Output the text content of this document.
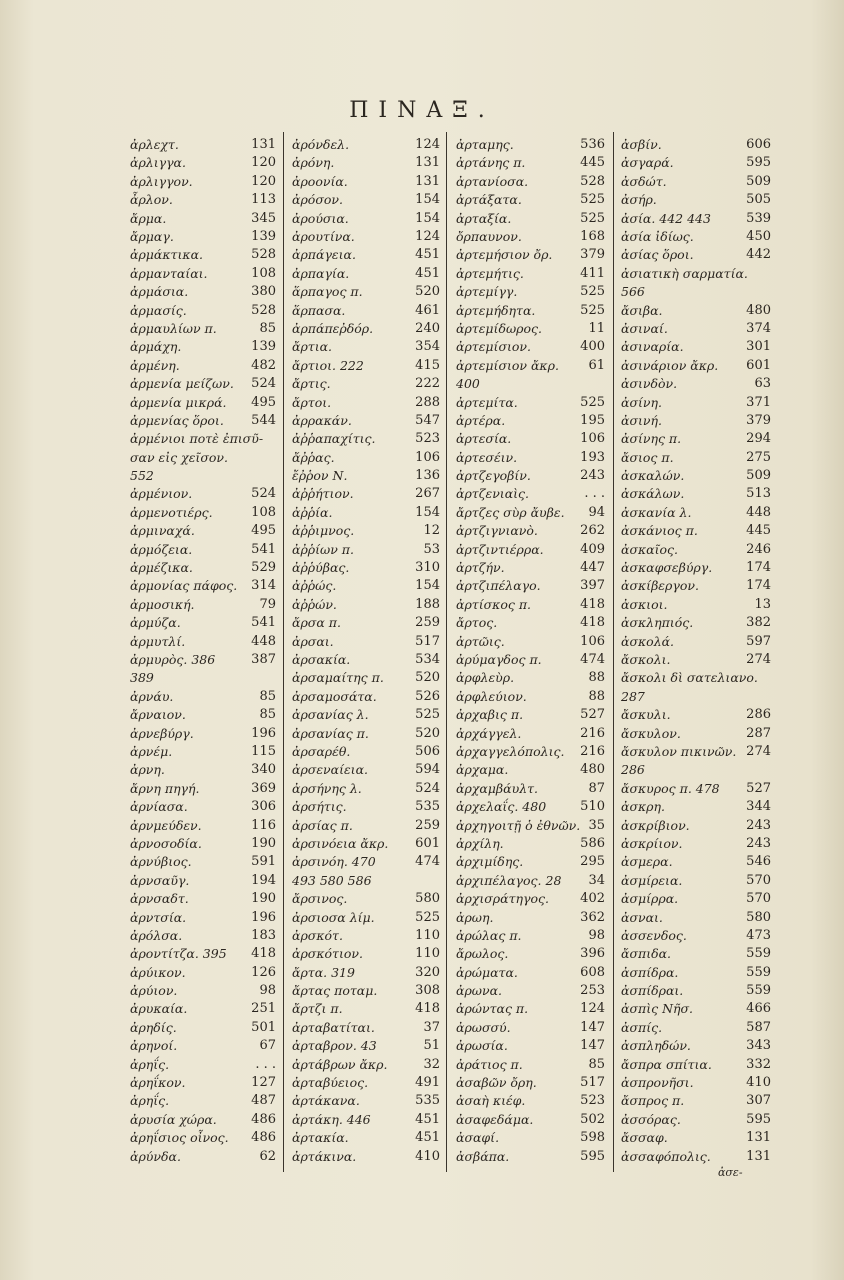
ΠΙΝΑΞ.
ἀρλεχτ.	131
ἀρλιγγα.	120
ἀρλιγγον.	120
ἆρλον.	113
ἄρμα.	345
ἄρμαγ.	139
ἀρμάκτικα.	528
ἀρμανταίαι.	108
ἀρμάσια.	380
ἀρμασίς.	528
ἀρμαυλίων π.	85
ἀρμάχη.	139
ἀρμένη.	482
ἀρμενία μείζων. 524
ἀρμενία μικρά. 495
ἀρμενίας ὅροι. 544
ἀρμένιοι ποτὲ ἐπισῦ-
σαν εἰς χεῖσον.
552
ἀρμένιον.	524
ἀρμενοτιέρς.	108
ἀρμιναχά.	495
ἀρμόζεια.	541
ἀρμέζικα.	529
ἀρμονίας πάφος. 314
ἀρμοσική.	79
ἀρμύζα.	541
ἀρμυτλί.	448
ἀρμυρὸς. 386	387
389
ἀρνάυ.	85
ἄρναιον.	85
ἀρνεβύργ.	196
ἀρνέμ.	115
ἀρνη.	340
ἄρνη πηγή.	369
ἀρνίασα.	306
ἀρνμεύδεν.	116
ἀρνοσοδία.	190
ἀρνύβιος.	591
ἀρνσαῦγ.	194
ἀρνσαδτ.	190
ἀρντσία.	196
ἀρόλσα.	183
ἀροντίτζα. 395 418
ἀρύικον.	126
ἀρύιον.	98
ἀρυκαία.	251
ἀρηδίς.	501
ἀρηνοί.	67
ἀρηΐς.	. . .
ἀρηΐκον.	127
ἀρηΐς.	487
ἀρυσία χώρα.	486
ἀρηΐσιος οἶνος. 486
ἀρύνδα.	62
ἀρόνδελ.	124
ἀρόνη.	131
ἀροονία.	131
ἀρόσον.	154
ἀρούσια.	154
ἀρουτίνα.	124
ἀρπάγεια.	451
ἀρπαγία.	451
ἅρπαγος π.	520
ἅρπασα.	461
ἀρπάπεῤδόρ.	240
ἄρτια.	354
ἄρτιοι. 222	415
ἄρτις.	222
ἄρτοι.	288
ἀρρακάν.	547
ἀῤῥαπαχίτις.	523
ἄῤῥας.	106
ἔῤῥον Ν.	136
ἀῤῥήτιον.	267
ἀῤῥία.	154
ἀῤῥιμνος.	12
ἀῤῥίων π.	53
ἀῤῥύβας.	310
ἀῤῥώς.	154
ἀῤῥών.	188
ἄρσα π.	259
ἀρσαι.	517
ἀρσακία.	534
ἀρσαμαίτης π. 520
ἀρσαμοσάτα.	526
ἀρσανίας λ.	525
ἀρσανίας π.	520
ἀρσαρέθ.	506
ἀρσεναίεια.	594
ἀρσήνης λ.	524
ἀρσήτις.	535
ἀρσίας π.	259
ἀρσινόεια ἄκρ. 601
ἀρσινόη. 470	474
493 580 586
ἄρσινος.	580
ἀρσιοσα λίμ.	525
ἀρσκότ.	110
ἀρσκότιον.	110
ἄρτα. 319	320
ἄρτας ποταμ.	308
ἄρτζι π.	418
ἀρταβατίται.	37
ἀρταβρον. 43	51
ἀρτάβρων ἄκρ.	32
ἀρταβύειος.	491
ἀρτάκανα.	535
ἀρτάκη. 446	451
ἀρτακία.	451
ἀρτάκινα.	410
ἀρταμης.	536
ἀρτάνης π.	445
ἀρτανίοσα.	528
ἀρτάξατα.	525
ἀρταξία.	525
ὄρπαυνον.	168
ἀρτεμήσιον ὄρ. 379
ἀρτεμήτις.	411
ἀρτεμίγγ.	525
ἀρτεμήδητα.	525
ἀρτεμίδωρος.	11
ἀρτεμίσιον.	400
ἀρτεμίσιον ἄκρ. 61
400
ἀρτεμίτα.	525
ἀρτέρα.	195
ἀρτεσία.	106
ἀρτεσέιν.	193
ἀρτζεγοβίν.	243
ἀρτζενιαὶς.	. . .
ἄρτζες σὺρ ἄυβε. 94
ἀρτζιγνιανὸ.	262
ἀρτζιντιέρρα.	409
ἀρτζήν.	447
ἀρτζιπέλαγο.	397
ἀρτίσκος π.	418
ἄρτος.	418
ἀρτῶις.	106
ἀρύμαγδος π.	474
ἀρφλεὺρ.	88
ἀρφλεύιον.	88
ἀρχαβις π.	527
ἀρχάγγελ.	216
ἀρχαγγελόπολις. 216
ἀρχαμα.	480
ἀρχαμβάυλτ.	87
ἀρχελαΐς. 480	510
ἀρχηγοιτῇ ὁ ἐθνῶν. 35
ἀρχίλη.	586
ἀρχιμίδης.	295
ἀρχιπέλαγος. 28 34
ἀρχισράτηγος. 402
ἀρωη.	362
ἀρώλας π.	98
ἄρωλος.	396
ἀρώματα.	608
ἀρωνα.	253
ἀρώντας π.	124
ἀρωσσύ.	147
ἀρωσία.	147
ἀράτιος π.	85
ἀσαβῶν ὄρη.	517
ἀσαὴ κιέφ.	523
ἀσαφεδάμα.	502
ἀσαφί.	598
ἀσβάπα.	595
ἀσβίν.	606
ἀσγαρά.	595
ἀσδώτ.	509
ἀσήρ.	505
ἀσία. 442 443	539
ἀσία ἰδίως.	450
ἀσίας ὅροι.	442
ἀσιατικὴ σαρματία.
566
ἄσιβα.	480
ἀσιναί.	374
ἀσιναρία.	301
ἀσινάριον ἄκρ. 601
ἀσινδὸν.	63
ἀσίνη.	371
ἀσινή.	379
ἀσίνης π.	294
ἄσιος π.	275
ἀσκαλών.	509
ἀσκάλων.	513
ἀσκανία λ.	448
ἀσκάνιος π.	445
ἀσκαῖος.	246
ἀσκαφσεβύργ.	174
ἀσκίβεργον.	174
ἀσκιοι.	13
ἀσκληπιός.	382
ἀσκολά.	597
ἄσκολι.	274
ἄσκολι δὶ σατελιανο.
287
ἄσκυλι.	286
ἄσκυλον.	287
ἄσκυλον πικινῶν. 274
286
ἄσκυρος π. 478 527
ἀσκρη.	344
ἀσκρίβιον.	243
ἀσκρίιον.	243
ἀσμερα.	546
ἀσμίρεια.	570
ἀσμίρρα.	570
ἀσναι.	580
ἀσσενδος.	473
ἄσπιδα.	559
ἀσπίδρα.	559
ἀσπίδραι.	559
ἀσπὶς Νῆσ.	466
ἀσπίς.	587
ἀσπληδών.	343
ἄσπρα σπίτια.	332
ἀσπρονῆσι.	410
ἄσπρος π.	307
ἀσσόρας.	595
ἄσσαφ.	131
ἀσσαφόπολις.	131
ἀσε-
